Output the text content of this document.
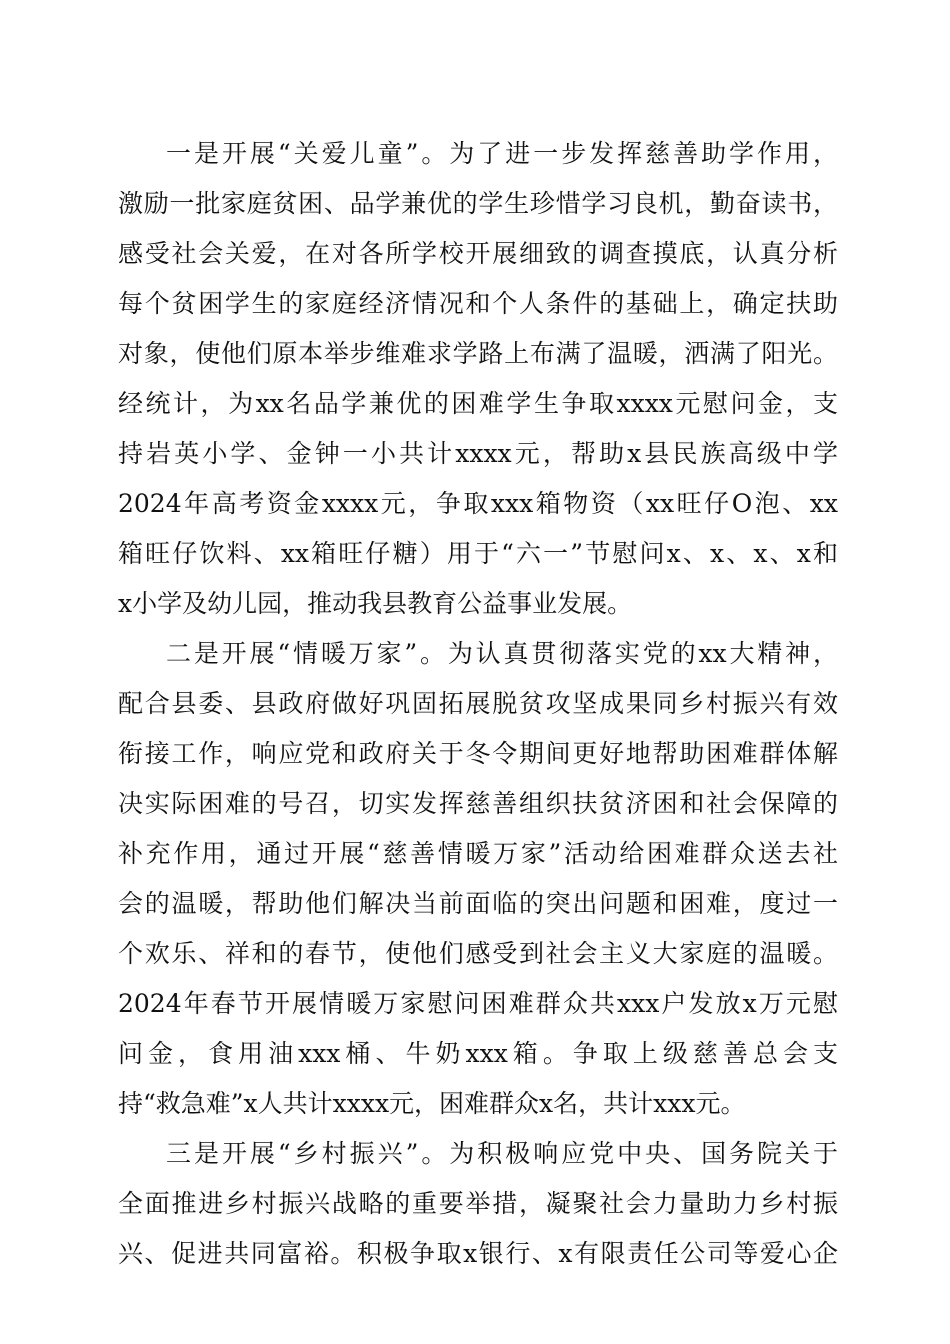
一是开展“关爱儿童”。为了进一步发挥慈善助学作用，
激励一批家庭贫困、品学兼优的学生珍惜学习良机，勤奋读书，
感受社会关爱，在对各所学校开展细致的调查摸底，认真分析
每个贫困学生的家庭经济情况和个人条件的基础上，确定扶助
对象，使他们原本举步维难求学路上布满了温暖，洒满了阳光。
经统计，为xx名品学兼优的困难学生争取xxxx元慰问金，支
持岩英小学、金钟一小共计xxxx元，帮助x县民族高级中学
2024年高考资金xxxx元，争取xxx箱物资（xx旺仔O泡、xx
箱旺仔饮料、xx箱旺仔糖）用于“六一”节慰问x、x、x、x和
x小学及幼儿园，推动我县教育公益事业发展。
二是开展“情暖万家”。为认真贯彻落实党的xx大精神，
配合县委、县政府做好巩固拓展脱贫攻坚成果同乡村振兴有效
衔接工作，响应党和政府关于冬令期间更好地帮助困难群体解
决实际困难的号召，切实发挥慈善组织扶贫济困和社会保障的
补充作用，通过开展“慈善情暖万家”活动给困难群众送去社
会的温暖，帮助他们解决当前面临的突出问题和困难，度过一
个欢乐、祥和的春节，使他们感受到社会主义大家庭的温暖。
2024年春节开展情暖万家慰问困难群众共xxx户发放x万元慰
问金，食用油xxx桶、牛奶xxx箱。争取上级慈善总会支
持“救急难”x人共计xxxx元，困难群众x名，共计xxx元。
三是开展“乡村振兴”。为积极响应党中央、国务院关于
全面推进乡村振兴战略的重要举措，凝聚社会力量助力乡村振
兴、促进共同富裕。积极争取x银行、x有限责任公司等爱心企
